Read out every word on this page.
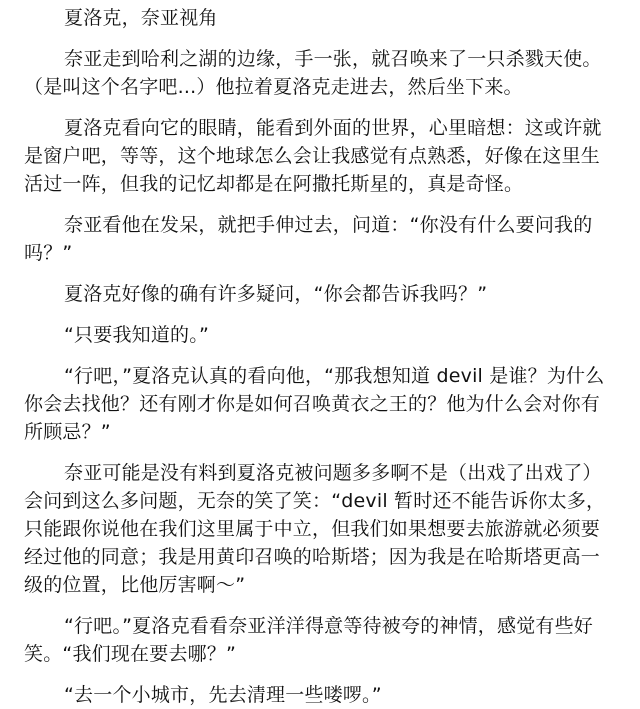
夏洛克，奈亚视角

奈亚走到哈利之湖的边缘，手一张，就召唤来了一只杀戮天使。（是叫这个名字吧...）他拉着夏洛克走进去，然后坐下来。

夏洛克看向它的眼睛，能看到外面的世界，心里暗想：这或许就是窗户吧，等等，这个地球怎么会让我感觉有点熟悉，好像在这里生活过一阵，但我的记忆却都是在阿撒托斯星的，真是奇怪。

奈亚看他在发呆，就把手伸过去，问道：“你没有什么要问我的吗？”

夏洛克好像的确有许多疑问，“你会都告诉我吗？”

“只要我知道的。”

“行吧，”夏洛克认真的看向他，“那我想知道 devil 是谁？为什么你会去找他？还有刚才你是如何召唤黄衣之王的？他为什么会对你有所顾忌？”

奈亚可能是没有料到夏洛克被问题多多啊不是（出戏了出戏了）会问到这么多问题，无奈的笑了笑：“devil 暂时还不能告诉你太多，只能跟你说他在我们这里属于中立，但我们如果想要去旅游就必须要经过他的同意；我是用黄印召唤的哈斯塔；因为我是在哈斯塔更高一级的位置，比他厉害啊～”

“行吧。”夏洛克看看奈亚洋洋得意等待被夸的神情，感觉有些好笑。“我们现在要去哪？”

“去一个小城市，先去清理一些喽啰。”
